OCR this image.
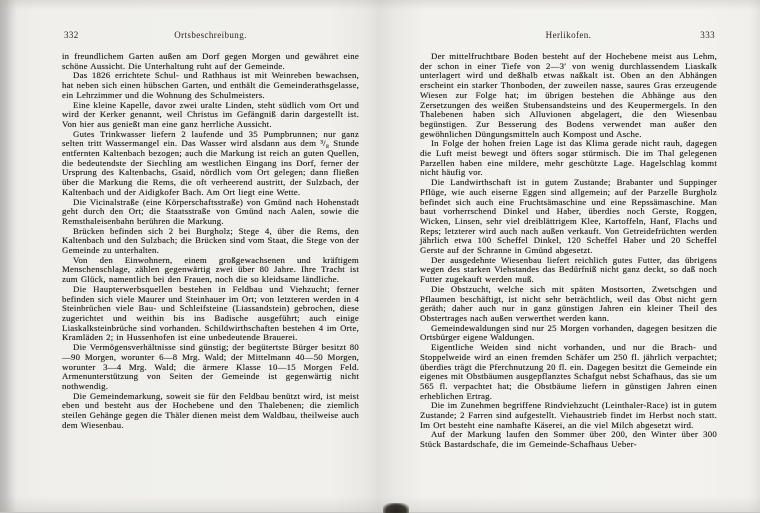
332	Ortsbeschreibung.

in freundlichem Garten außen am Dorf gegen Morgen und gewähret eine schöne Aussicht. Die Unterhaltung ruht auf der Gemeinde.

Das 1826 errichtete Schul- und Rathhaus ist mit Weinreben bewachsen, hat neben sich einen hübschen Garten, und enthält die Gemeinderathsgelasse, ein Lehrzimmer und die Wohnung des Schulmeisters.

Eine kleine Kapelle, davor zwei uralte Linden, steht südlich vom Ort und wird der Kerker genannt, weil Christus im Gefängniß darin dargestellt ist. Von hier aus genießt man eine ganz herrliche Aussicht.

Gutes Trinkwasser liefern 2 laufende und 35 Pumpbrunnen; nur ganz selten tritt Wassermangel ein. Das Wasser wird alsdann aus dem ³/₈ Stunde entfernten Kaltenbach bezogen; auch die Markung ist reich an guten Quellen, die bedeutendste der Siechling am westlichen Eingang ins Dorf, ferner der Ursprung des Kaltenbachs, Gsaid, nördlich vom Ort gelegen; dann fließen über die Markung die Rems, die oft verheerend austritt, der Sulzbach, der Kaltenbach und der Aidigkofer Bach. Am Ort liegt eine Wette.

Die Vicinalstraße (eine Körperschaftsstraße) von Gmünd nach Hohenstadt geht durch den Ort; die Staatsstraße von Gmünd nach Aalen, sowie die Remsthaleisenbahn berühren die Markung.

Brücken befinden sich 2 bei Burgholz; Stege 4, über die Rems, den Kaltenbach und den Sulzbach; die Brücken sind vom Staat, die Stege von der Gemeinde zu unterhalten.

Von den Einwohnern, einem großgewachsenen und kräftigem Menschenschlage, zählen gegenwärtig zwei über 80 Jahre. Ihre Tracht ist zum Glück, namentlich bei den Frauen, noch die so kleidsame ländliche.

Die Haupterwerbsquellen bestehen in Feldbau und Viehzucht; ferner befinden sich viele Maurer und Steinhauer im Ort; von letzteren werden in 4 Steinbrüchen viele Bau- und Schleifsteine (Liassandstein) gebrochen, diese zugerichtet und weithin bis ins Badische ausgeführt; auch einige Liaskalksteinbrüche sind vorhanden. Schildwirthschaften bestehen 4 im Orte, Kramläden 2; in Hussenhofen ist eine unbedeutende Brauerei.

Die Vermögensverhältnisse sind günstig; der begütertste Bürger besitzt 80—90 Morgen, worunter 6—8 Mrg. Wald; der Mittelmann 40—50 Morgen, worunter 3—4 Mrg. Wald; die ärmere Klasse 10—15 Morgen Feld. Armenunterstützung von Seiten der Gemeinde ist gegenwärtig nicht nothwendig.

Die Gemeindemarkung, soweit sie für den Feldbau benützt wird, ist meist eben und besteht aus der Hochebene und den Thalebenen; die ziemlich steilen Gehänge gegen die Thäler dienen meist dem Waldbau, theilweise auch dem Wiesenbau.

Herlikofen.	333

Der mittelfruchtbare Boden besteht auf der Hochebene meist aus Lehm, der schon in einer Tiefe von 2—3′ von wenig durchlassendem Liaskalk unterlagert wird und deßhalb etwas naßkalt ist. Oben an den Abhängen erscheint ein starker Thonboden, der zuweilen nasse, saures Gras erzeugende Wiesen zur Folge hat; im übrigen bestehen die Abhänge aus den Zersetzungen des weißen Stubensandsteins und des Keupermergels. In den Thalebenen haben sich Alluvionen abgelagert, die den Wiesenbau begünstigen. Zur Besserung des Bodens verwendet man außer den gewöhnlichen Düngungsmitteln auch Kompost und Asche.

In Folge der hohen freien Lage ist das Klima gerade nicht rauh, dagegen die Luft meist bewegt und öfters sogar stürmisch. Die im Thal gelegenen Parzellen haben eine mildere, mehr geschützte Lage. Hagelschlag kommt nicht häufig vor.

Die Landwirthschaft ist in gutem Zustande; Brabanter und Suppinger Pflüge, wie auch eiserne Eggen sind allgemein; auf der Parzelle Burgholz befindet sich auch eine Fruchtsämaschine und eine Repssämaschine. Man baut vorherrschend Dinkel und Haber, überdies noch Gerste, Roggen, Wicken, Linsen, sehr viel dreiblättrigem Klee, Kartoffeln, Hanf, Flachs und Reps; letzterer wird auch nach außen verkauft. Von Getreidefrüchten werden jährlich etwa 100 Scheffel Dinkel, 120 Scheffel Haber und 20 Scheffel Gerste auf der Schranne in Gmünd abgesetzt.

Der ausgedehnte Wiesenbau liefert reichlich gutes Futter, das übrigens wegen des starken Viehstandes das Bedürfniß nicht ganz deckt, so daß noch Futter zugekauft werden muß.

Die Obstzucht, welche sich mit späten Mostsorten, Zwetschgen und Pflaumen beschäftigt, ist nicht sehr beträchtlich, weil das Obst nicht gern geräth; daher auch nur in ganz günstigen Jahren ein kleiner Theil des Obstertrages nach außen verwerthet werden kann.

Gemeindewaldungen sind nur 25 Morgen vorhanden, dagegen besitzen die Ortsbürger eigene Waldungen.

Eigentliche Weiden sind nicht vorhanden, und nur die Brach- und Stoppelweide wird an einen fremden Schäfer um 250 fl. jährlich verpachtet; überdies trägt die Pferchnutzung 20 fl. ein. Dagegen besitzt die Gemeinde ein eigenes mit Obstbäumen ausgepflanztes Schafgut nebst Schafhaus, das sie um 565 fl. verpachtet hat; die Obstbäume liefern in günstigen Jahren einen erheblichen Ertrag.

Die im Zunehmen begriffene Rindviehzucht (Leinthaler-Race) ist in gutem Zustande; 2 Farren sind aufgestellt. Viehaustrieb findet im Herbst noch statt. Im Ort besteht eine namhafte Käserei, an die viel Milch abgesetzt wird.

Auf der Markung laufen den Sommer über 200, den Winter über 300 Stück Bastardschafe, die im Gemeinde-Schafhaus Ueber-
